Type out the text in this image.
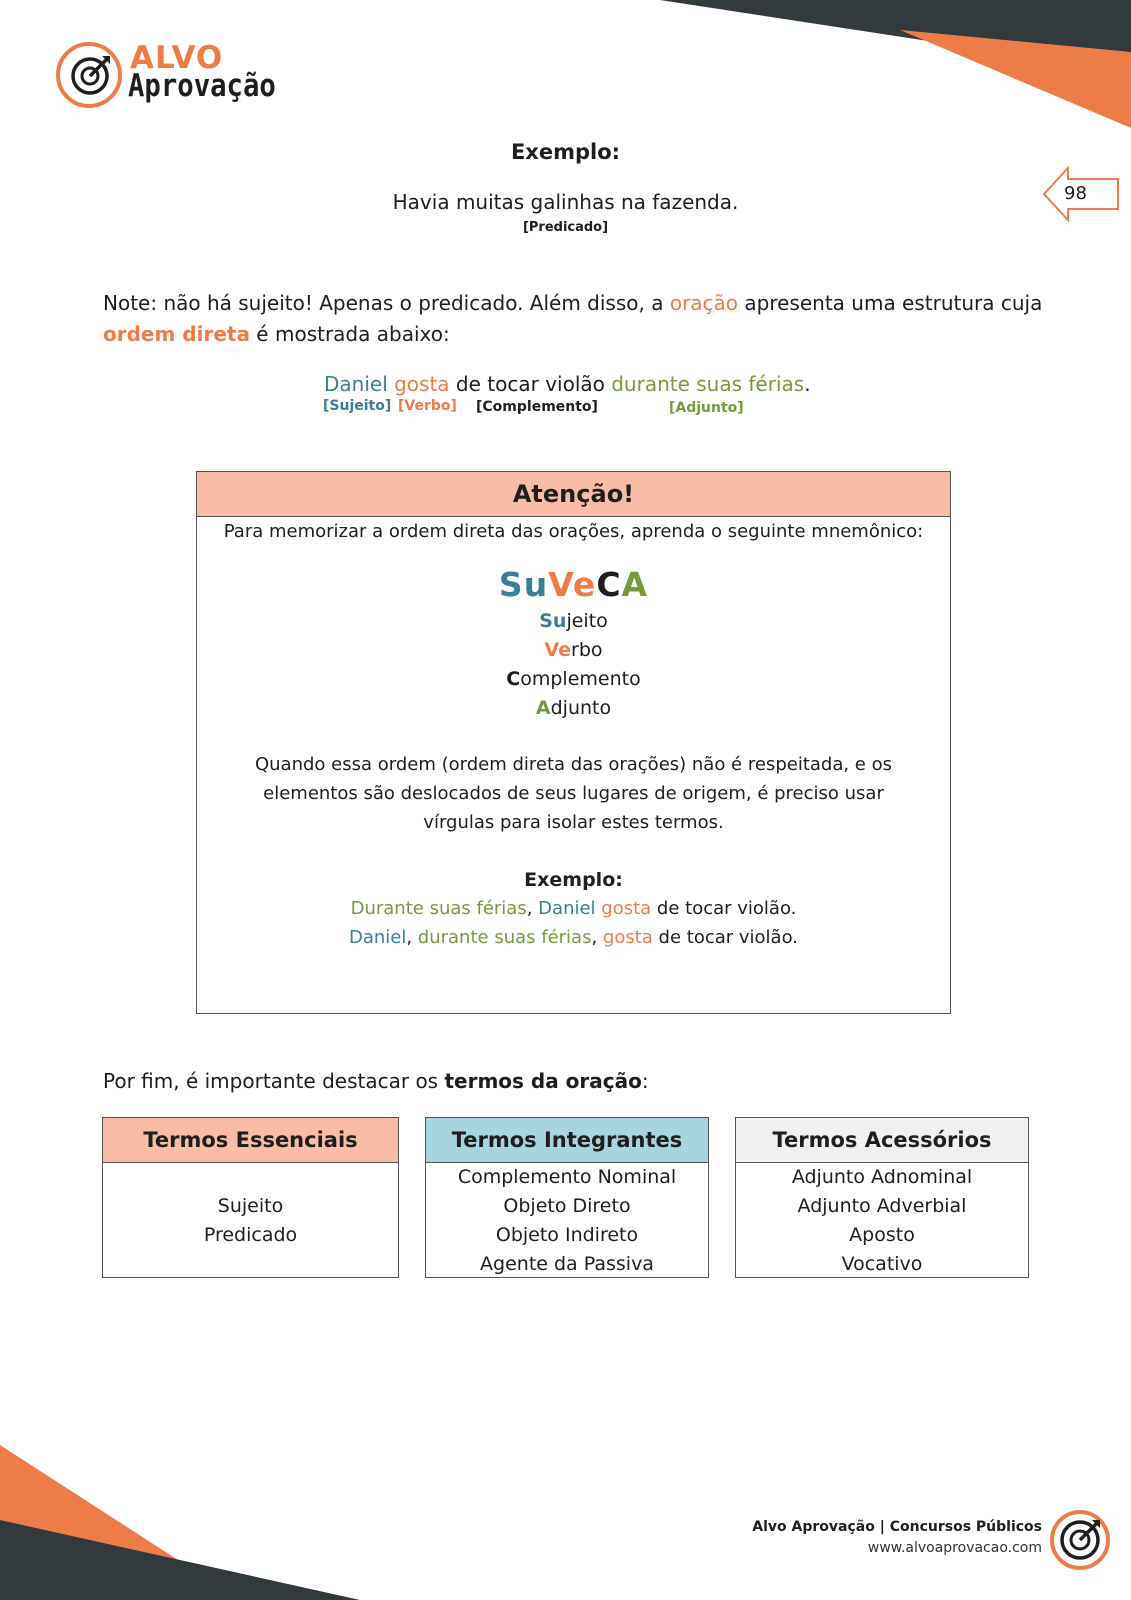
ALVO
Aprovação
98
Exemplo:
Havia muitas galinhas na fazenda.
[Predicado]
Note: não há sujeito! Apenas o predicado. Além disso, a oração apresenta uma estrutura cuja
ordem direta é mostrada abaixo:
Daniel gosta de tocar violão durante suas férias.
[Sujeito] [Verbo] [Complemento]	[Adjunto]
Atenção!
Para memorizar a ordem direta das orações, aprenda o seguinte mnemônico:
SuVeCA
Sujeito
Verbo
Complemento
Adjunto
Quando essa ordem (ordem direta das orações) não é respeitada, e os
elementos são deslocados de seus lugares de origem, é preciso usar
vírgulas para isolar estes termos.
Exemplo:
Durante suas férias, Daniel gosta de tocar violão.
Daniel, durante suas férias, gosta de tocar violão.
Por fim, é importante destacar os termos da oração:
Termos Essenciais
Sujeito
Predicado
Termos Integrantes
Complemento Nominal
Objeto Direto
Objeto Indireto
Agente da Passiva
Termos Acessórios
Adjunto Adnominal
Adjunto Adverbial
Aposto
Vocativo
Alvo Aprovação | Concursos Públicos
www.alvoaprovacao.com
